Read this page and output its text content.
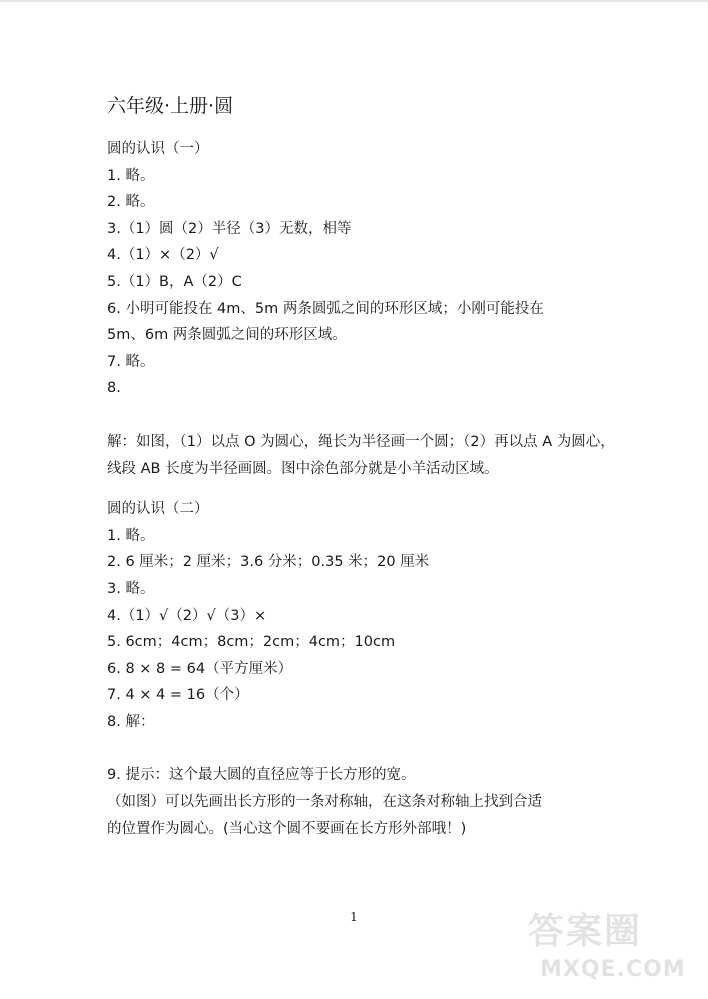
六年级·上册·圆
圆的认识（一）
1. 略。
2. 略。
3.（1）圆（2）半径（3）无数，相等
4.（1）×（2）√
5.（1）B，A（2）C
6. 小明可能投在 4m、5m 两条圆弧之间的环形区域；小刚可能投在
5m、6m 两条圆弧之间的环形区域。
7. 略。
8.
解：如图，（1）以点 O 为圆心，绳长为半径画一个圆；（2）再以点 A 为圆心，线段 AB 长度为半径画圆。图中涂色部分就是小羊活动区域。
圆的认识（二）
1. 略。
2. 6 厘米；2 厘米；3.6 分米；0.35 米；20 厘米
3. 略。
4.（1）√（2）√（3）×
5. 6cm；4cm；8cm；2cm；4cm；10cm
6. 8 × 8 = 64（平方厘米）
7. 4 × 4 = 16（个）
8. 解：
9. 提示：这个最大圆的直径应等于长方形的宽。
（如图）可以先画出长方形的一条对称轴，在这条对称轴上找到合适
的位置作为圆心。(当心这个圆不要画在长方形外部哦！)
1	答案圈
MXQE.COM
